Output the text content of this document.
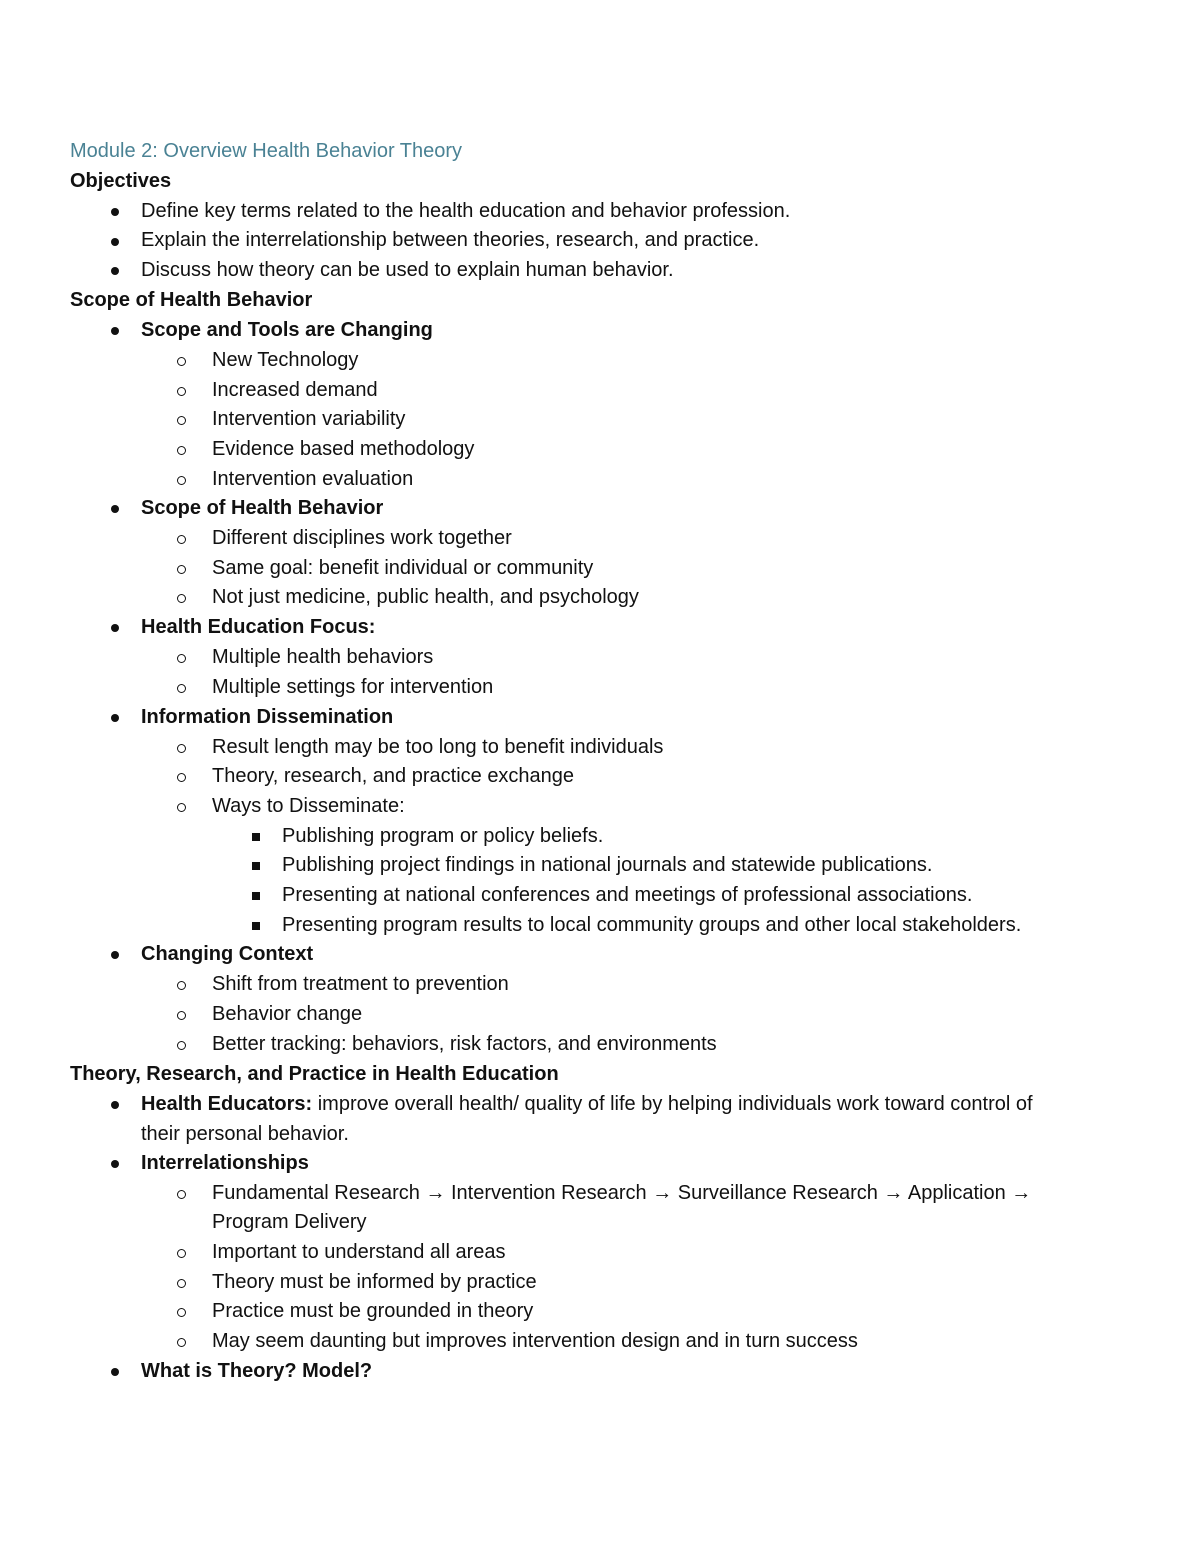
Module 2: Overview Health Behavior Theory

Objectives

Define key terms related to the health education and behavior profession.

Explain the interrelationship between theories, research, and practice.

Discuss how theory can be used to explain human behavior.

Scope of Health Behavior

Scope and Tools are Changing

New Technology

Increased demand

Intervention variability

Evidence based methodology

Intervention evaluation

Scope of Health Behavior

Different disciplines work together

Same goal: benefit individual or community

Not just medicine, public health, and psychology

Health Education Focus:

Multiple health behaviors

Multiple settings for intervention

Information Dissemination

Result length may be too long to benefit individuals

Theory, research, and practice exchange

Ways to Disseminate:

Publishing program or policy beliefs.

Publishing project findings in national journals and statewide publications.

Presenting at national conferences and meetings of professional associations.

Presenting program results to local community groups and other local stakeholders.

Changing Context

Shift from treatment to prevention

Behavior change

Better tracking: behaviors, risk factors, and environments

Theory, Research, and Practice in Health Education

Health Educators: improve overall health/ quality of life by helping individuals work toward control of

their personal behavior.

Interrelationships

Fundamental Research → Intervention Research → Surveillance Research → Application →

Program Delivery

Important to understand all areas

Theory must be informed by practice

Practice must be grounded in theory

May seem daunting but improves intervention design and in turn success

What is Theory? Model?
